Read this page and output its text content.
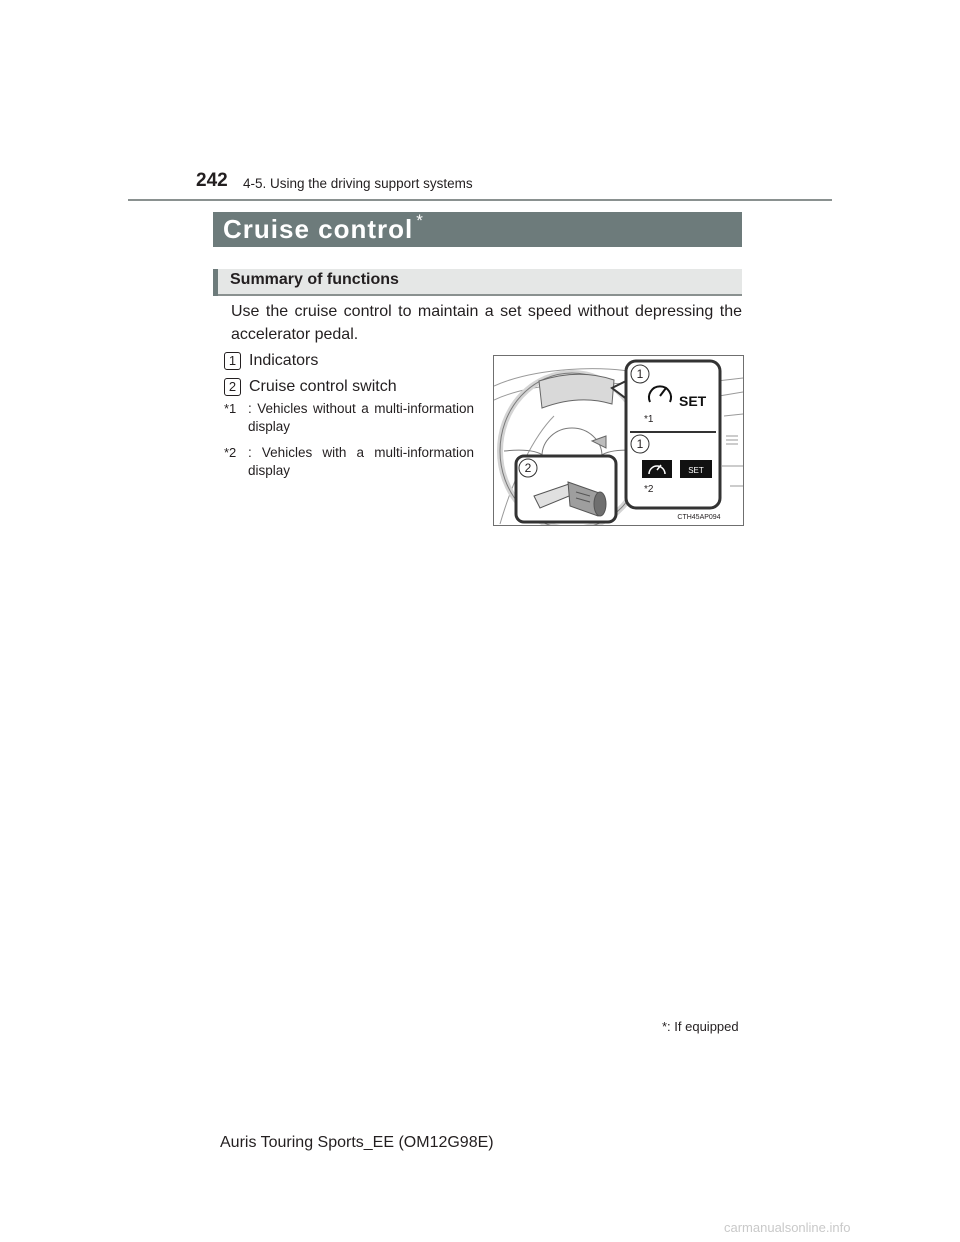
242 4-5. Using the driving support systems
Cruise control *
Summary of functions
Use the cruise control to maintain a set speed without depressing the accelerator pedal.
1 Indicators
2 Cruise control switch
*1 : Vehicles without a multi-information display
*2 : Vehicles with a multi-information display
1
SET
*1
1
SET
*2
2
CTH45AP094
*: If equipped
Auris Touring Sports_EE (OM12G98E)
carmanualsonline.info
